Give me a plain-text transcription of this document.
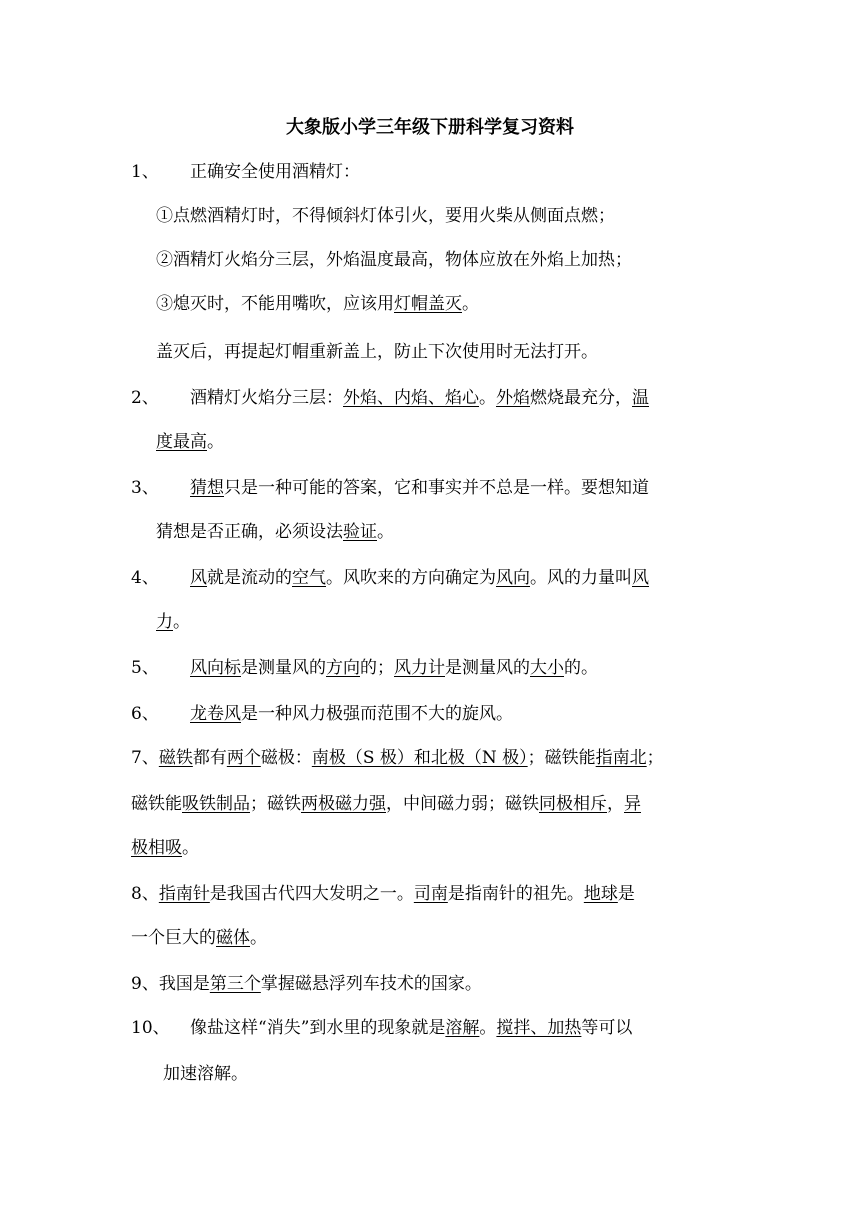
大象版小学三年级下册科学复习资料
1、 正确安全使用酒精灯：
①点燃酒精灯时，不得倾斜灯体引火，要用火柴从侧面点燃；
②酒精灯火焰分三层，外焰温度最高，物体应放在外焰上加热；
③熄灭时，不能用嘴吹，应该用灯帽盖灭。
盖灭后，再提起灯帽重新盖上，防止下次使用时无法打开。
2、 酒精灯火焰分三层：外焰、内焰、焰心。外焰燃烧最充分，温
度最高。
3、 猜想只是一种可能的答案，它和事实并不总是一样。要想知道
猜想是否正确，必须设法验证。
4、 风就是流动的空气。风吹来的方向确定为风向。风的力量叫风
力。
5、 风向标是测量风的方向的；风力计是测量风的大小的。
6、 龙卷风是一种风力极强而范围不大的旋风。
7、磁铁都有两个磁极：南极（S 极）和北极（N 极）；磁铁能指南北；
磁铁能吸铁制品；磁铁两极磁力强，中间磁力弱；磁铁同极相斥，异
极相吸。
8、指南针是我国古代四大发明之一。司南是指南针的祖先。地球是
一个巨大的磁体。
9、我国是第三个掌握磁悬浮列车技术的国家。
10、 像盐这样“消失”到水里的现象就是溶解。搅拌、加热等可以
加速溶解。
